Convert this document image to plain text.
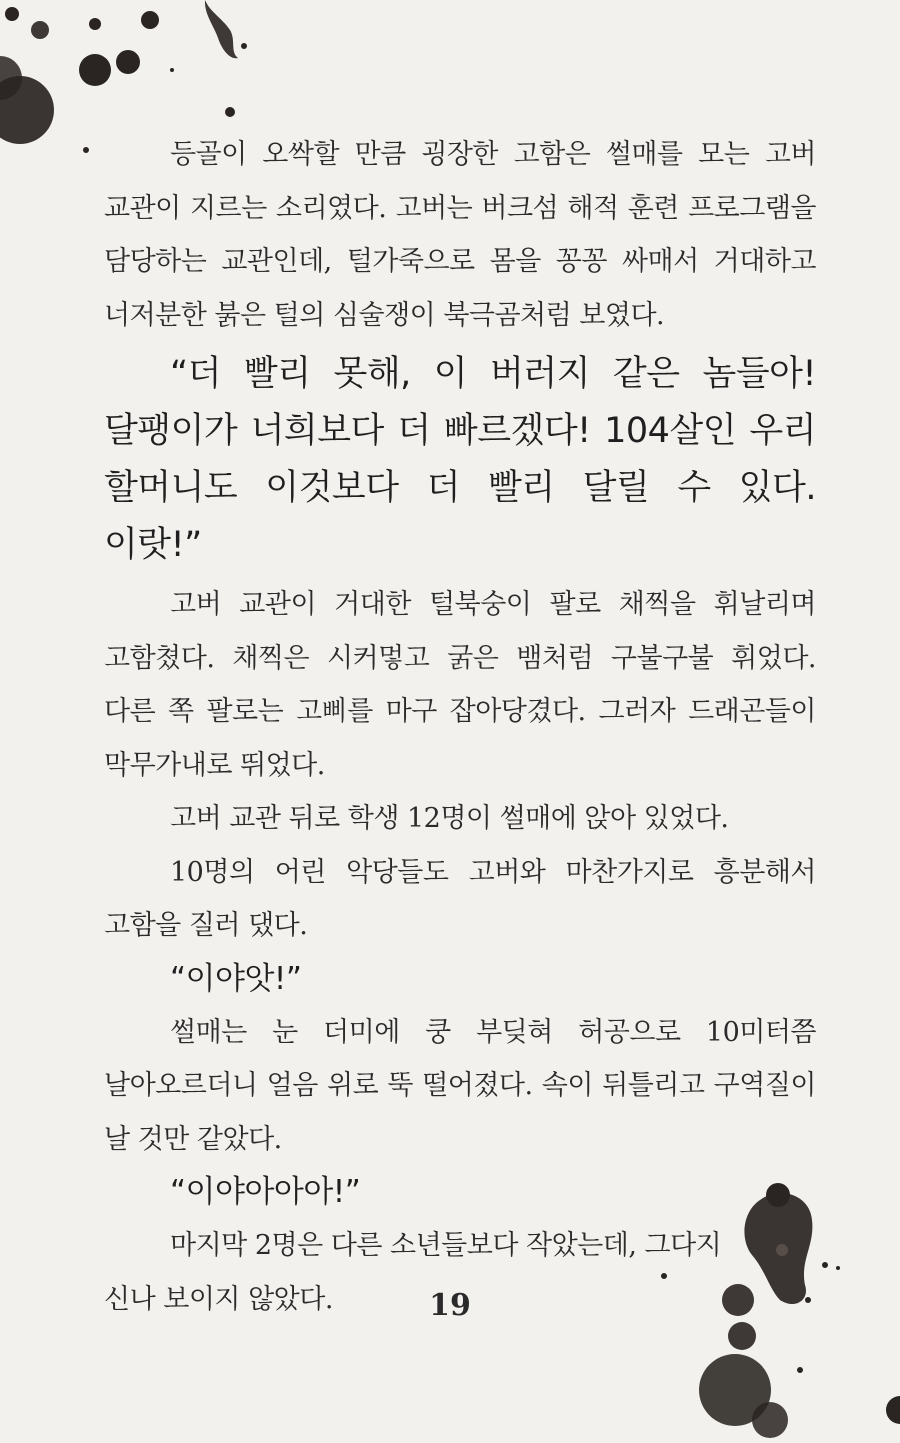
등골이 오싹할 만큼 굉장한 고함은 썰매를 모는 고버 교관이 지르는 소리였다. 고버는 버크섬 해적 훈련 프로그램을 담당하는 교관인데, 털가죽으로 몸을 꽁꽁 싸매서 거대하고 너저분한 붉은 털의 심술쟁이 북극곰처럼 보였다.

“더 빨리 못해, 이 버러지 같은 놈들아! 달팽이가 너희보다 더 빠르겠다! 104살인 우리 할머니도 이것보다 더 빨리 달릴 수 있다. 이랏!”

고버 교관이 거대한 털북숭이 팔로 채찍을 휘날리며 고함쳤다. 채찍은 시커멓고 굵은 뱀처럼 구불구불 휘었다. 다른 쪽 팔로는 고삐를 마구 잡아당겼다. 그러자 드래곤들이 막무가내로 뛰었다.

고버 교관 뒤로 학생 12명이 썰매에 앉아 있었다.

10명의 어린 악당들도 고버와 마찬가지로 흥분해서 고함을 질러 댔다.

“이야앗!”

썰매는 눈 더미에 쿵 부딪혀 허공으로 10미터쯤 날아오르더니 얼음 위로 뚝 떨어졌다. 속이 뒤틀리고 구역질이 날 것만 같았다.

“이야아아아!”

마지막 2명은 다른 소년들보다 작았는데, 그다지

신나 보이지 않았다.	19
